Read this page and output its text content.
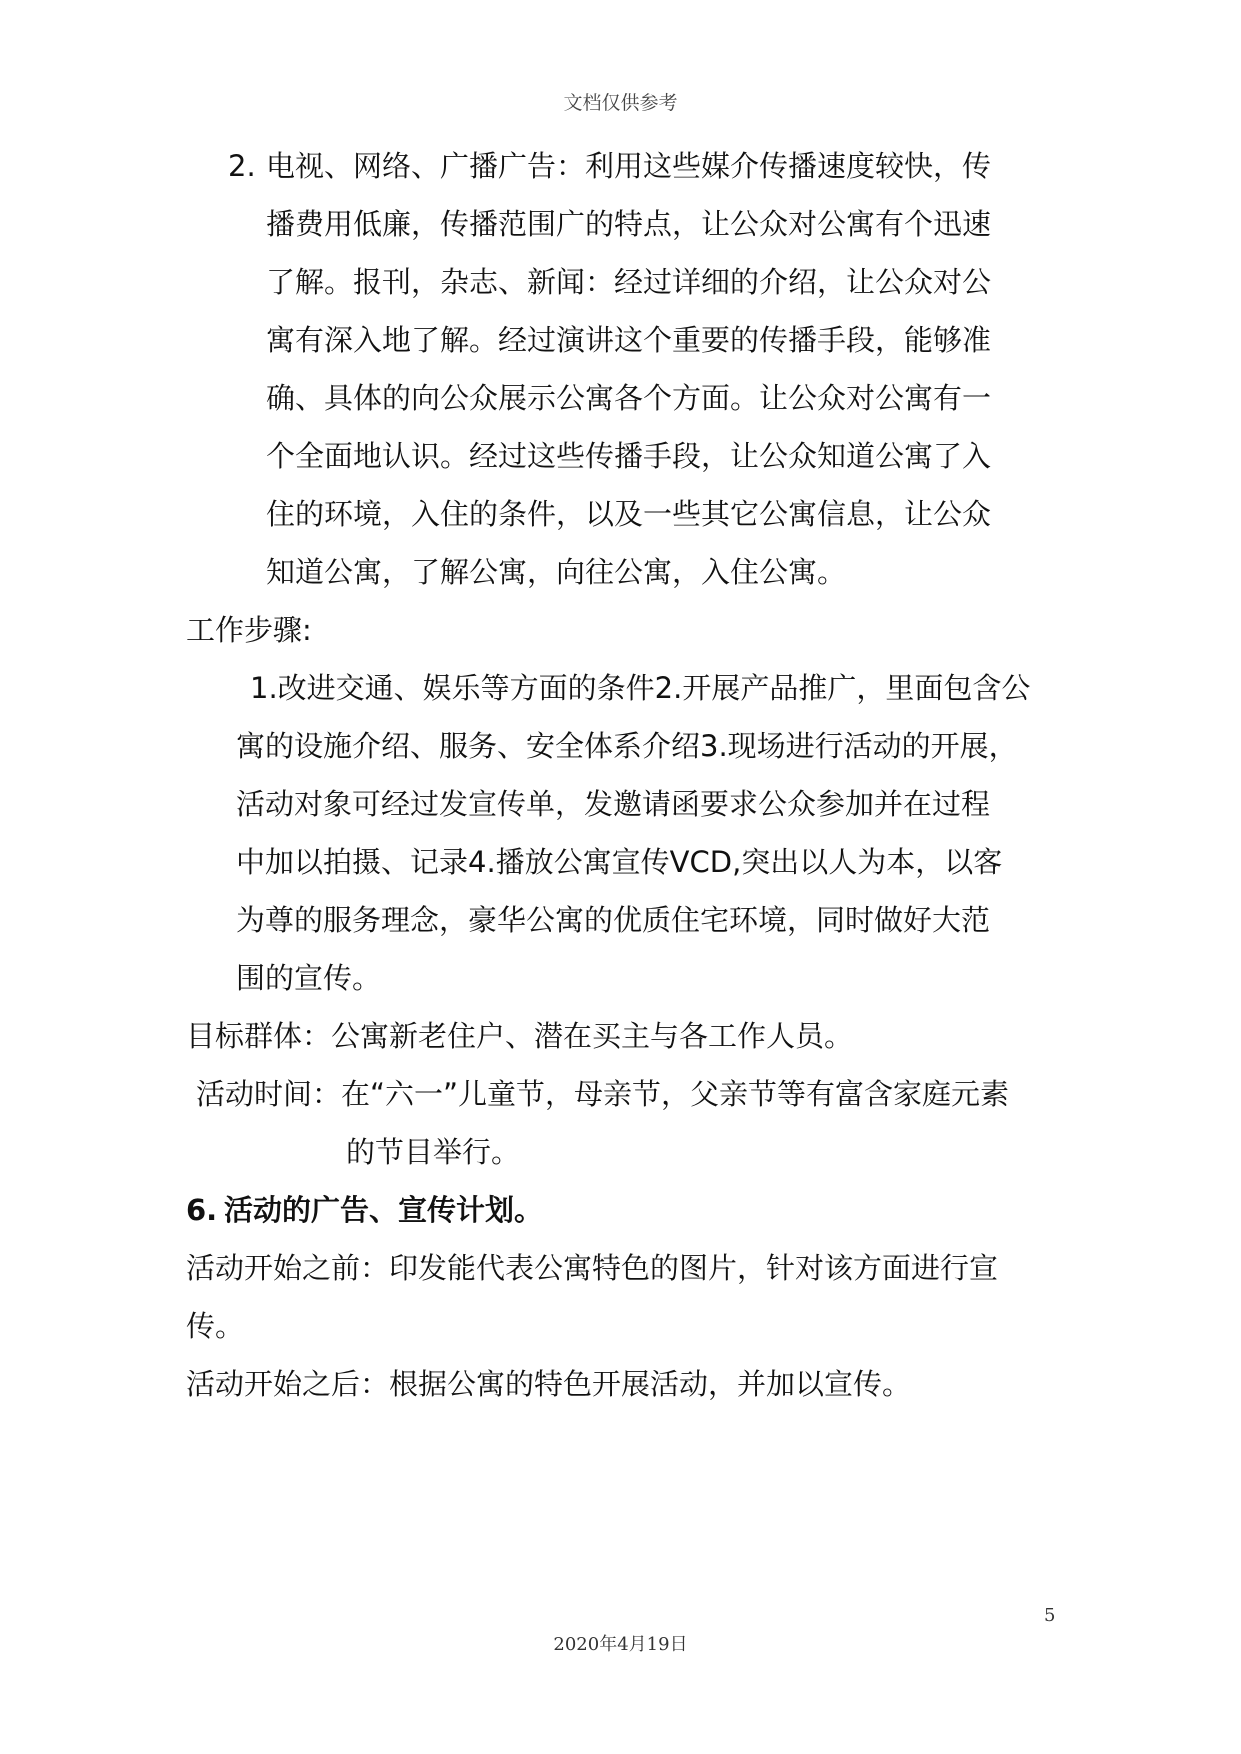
文档仅供参考
2. 电视、网络、广播广告：利用这些媒介传播速度较快，传
播费用低廉，传播范围广的特点，让公众对公寓有个迅速
了解。报刊，杂志、新闻：经过详细的介绍，让公众对公
寓有深入地了解。经过演讲这个重要的传播手段，能够准
确、具体的向公众展示公寓各个方面。让公众对公寓有一
个全面地认识。经过这些传播手段，让公众知道公寓了入
住的环境，入住的条件，以及一些其它公寓信息，让公众
知道公寓，了解公寓，向往公寓，入住公寓。
工作步骤:
1.改进交通、娱乐等方面的条件2.开展产品推广，里面包含公
寓的设施介绍、服务、安全体系介绍3.现场进行活动的开展，
活动对象可经过发宣传单，发邀请函要求公众参加并在过程
中加以拍摄、记录4.播放公寓宣传VCD,突出以人为本，以客
为尊的服务理念，豪华公寓的优质住宅环境，同时做好大范
围的宣传。
目标群体：公寓新老住户、潜在买主与各工作人员。
活动时间：在“六一”儿童节，母亲节，父亲节等有富含家庭元素
的节目举行。
6. 活动的广告、宣传计划。
活动开始之前：印发能代表公寓特色的图片，针对该方面进行宣
传。
活动开始之后：根据公寓的特色开展活动，并加以宣传。
5
2020年4月19日
